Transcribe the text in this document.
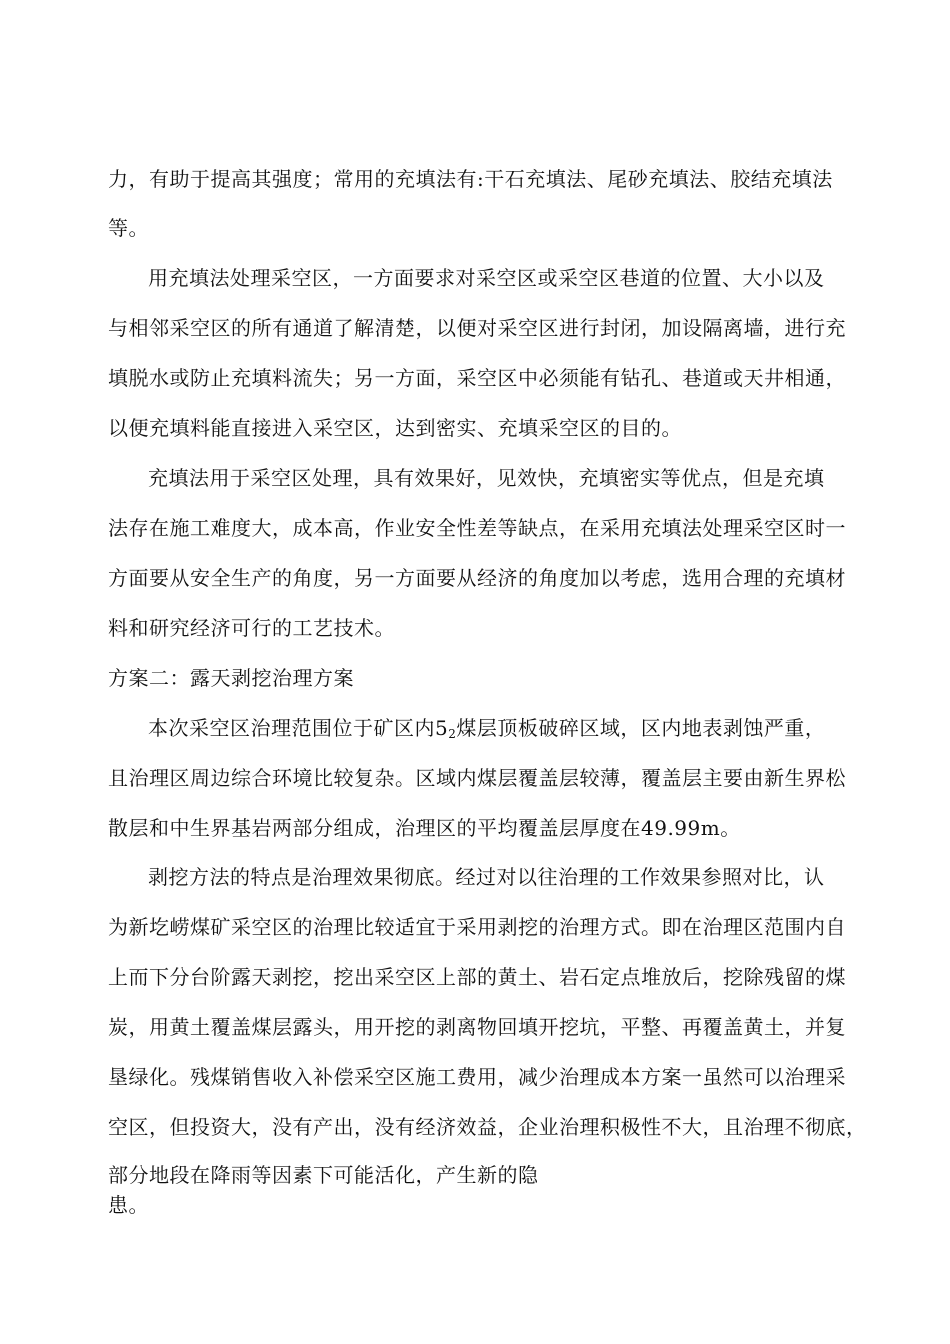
力，有助于提高其强度；常用的充填法有:干石充填法、尾砂充填法、胶结充填法
等。
用充填法处理采空区，一方面要求对采空区或采空区巷道的位置、大小以及
与相邻采空区的所有通道了解清楚，以便对采空区进行封闭，加设隔离墙，进行充
填脱水或防止充填料流失；另一方面，采空区中必须能有钻孔、巷道或天井相通，
以便充填料能直接进入采空区，达到密实、充填采空区的目的。
充填法用于采空区处理，具有效果好，见效快，充填密实等优点，但是充填
法存在施工难度大，成本高，作业安全性差等缺点，在采用充填法处理采空区时一
方面要从安全生产的角度，另一方面要从经济的角度加以考虑，选用合理的充填材
料和研究经济可行的工艺技术。
方案二：露天剥挖治理方案
本次采空区治理范围位于矿区内$5_2$煤层顶板破碎区域，区内地表剥蚀严重，
且治理区周边综合环境比较复杂。区域内煤层覆盖层较薄，覆盖层主要由新生界松
散层和中生界基岩两部分组成，治理区的平均覆盖层厚度在49.99m。
剥挖方法的特点是治理效果彻底。经过对以往治理的工作效果参照对比，认
为新圪崂煤矿采空区的治理比较适宜于采用剥挖的治理方式。即在治理区范围内自
上而下分台阶露天剥挖，挖出采空区上部的黄土、岩石定点堆放后，挖除残留的煤
炭，用黄土覆盖煤层露头，用开挖的剥离物回填开挖坑，平整、再覆盖黄土，并复
垦绿化。残煤销售收入补偿采空区施工费用，减少治理成本方案一虽然可以治理采
空区，但投资大，没有产出，没有经济效益，企业治理积极性不大，且治理不彻底，
部分地段在降雨等因素下可能活化，产生新的隐
患。
